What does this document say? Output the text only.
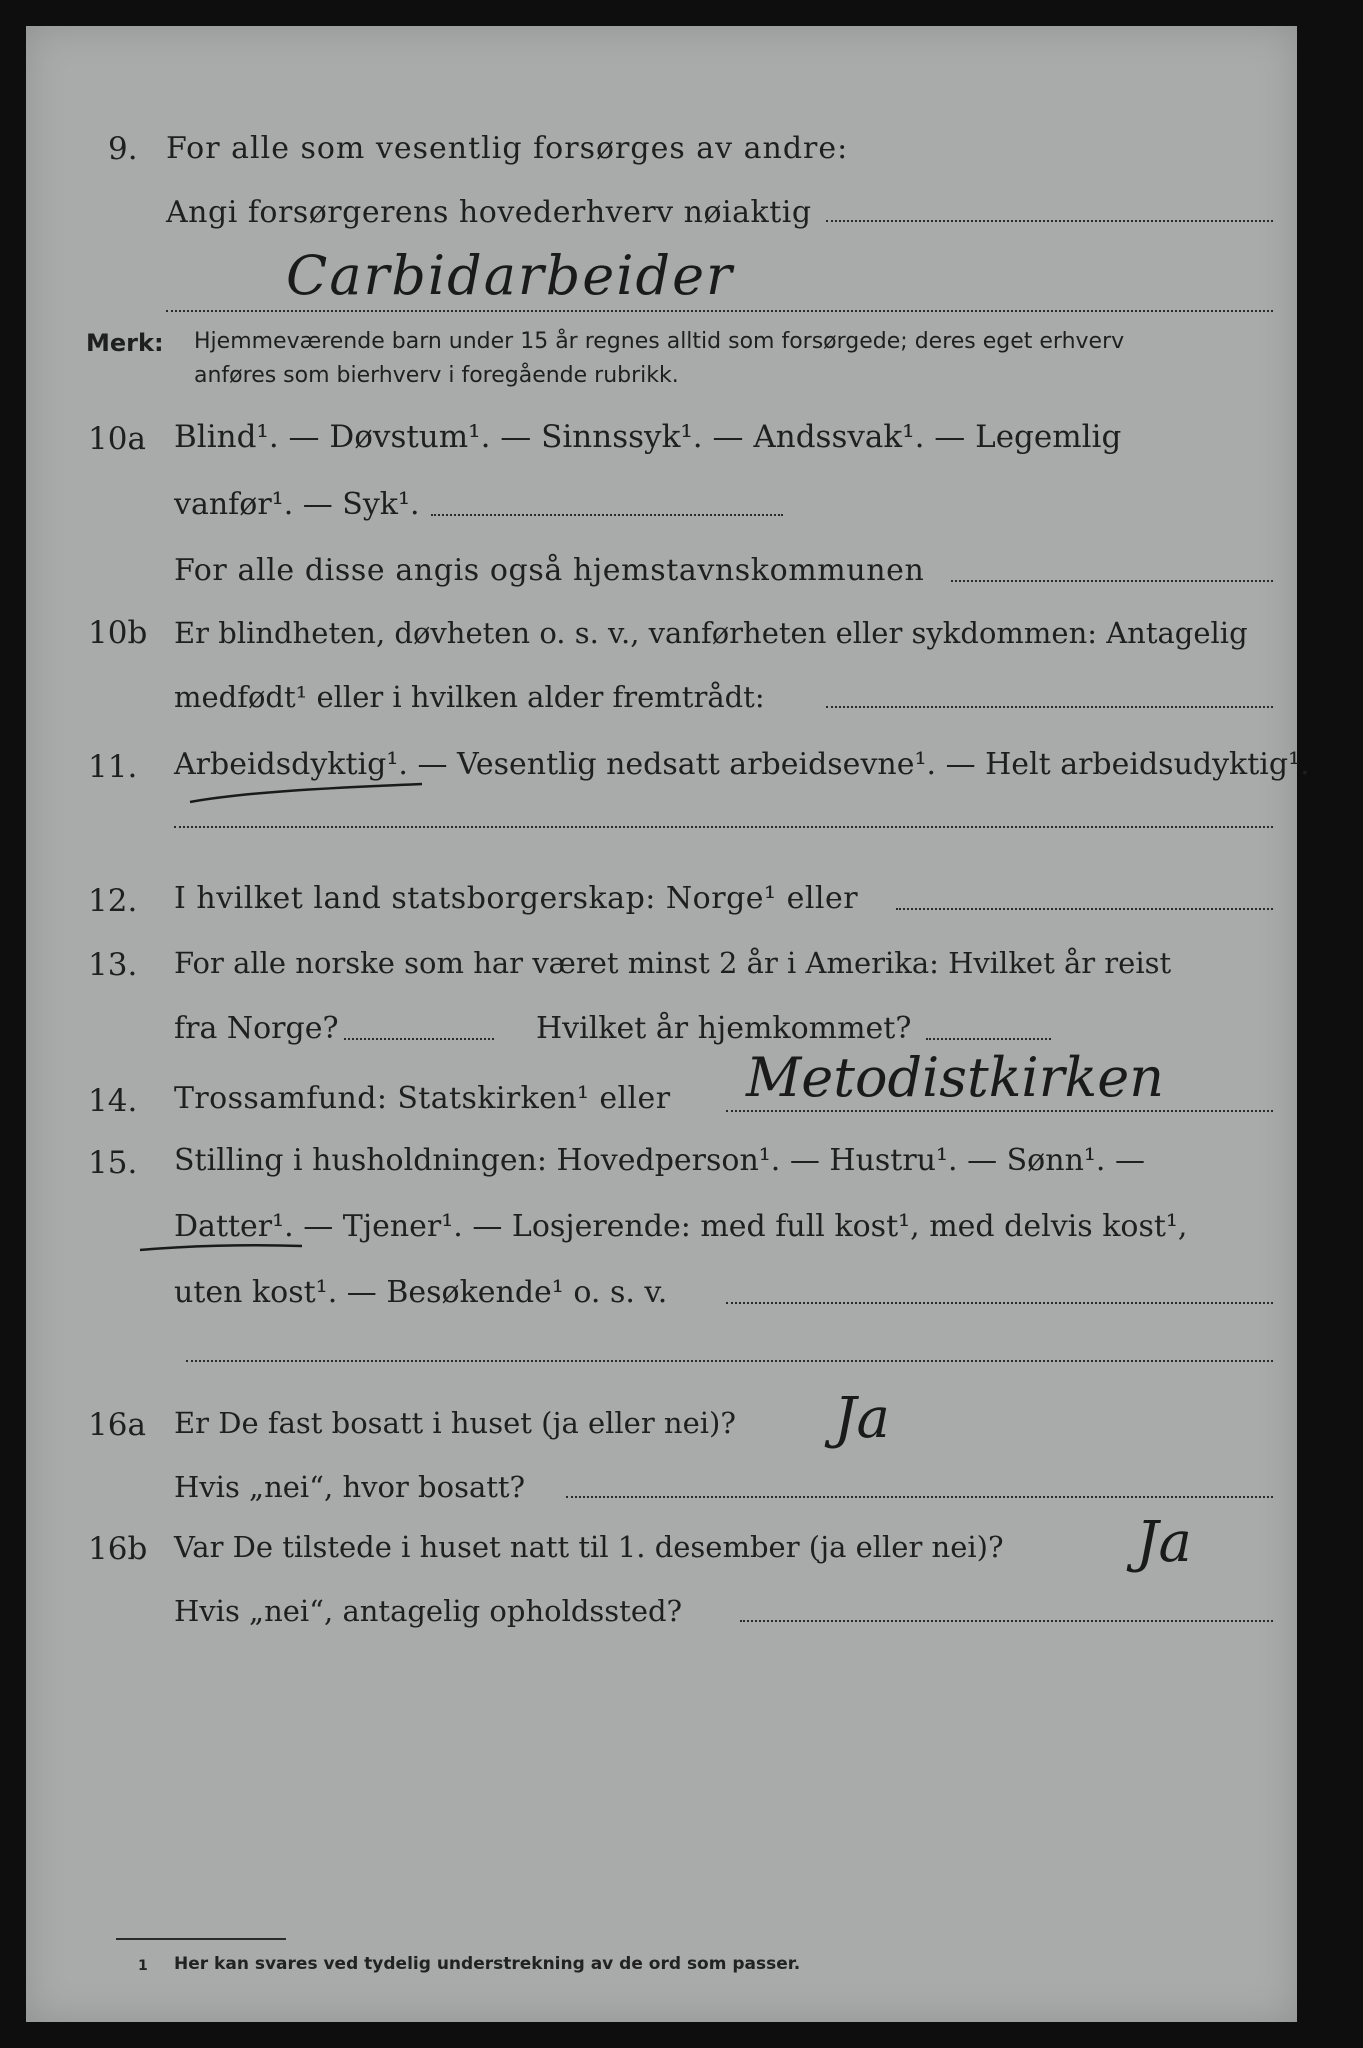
9. For alle som vesentlig forsørges av andre:
Angi forsørgerens hovederhverv nøiaktig
Carbidarbeider
Merk: Hjemmeværende barn under 15 år regnes alltid som forsørgede; deres eget erhverv
anføres som bierhverv i foregående rubrikk.
10a Blind¹. — Døvstum¹. — Sinnssyk¹. — Andssvak¹. — Legemlig
vanfør¹. — Syk¹.
For alle disse angis også hjemstavnskommunen
10b Er blindheten, døvheten o. s. v., vanførheten eller sykdommen: Antagelig
medfødt¹ eller i hvilken alder fremtrådt:
11. Arbeidsdyktig¹. — Vesentlig nedsatt arbeidsevne¹. — Helt arbeidsudyktig¹.
12. I hvilket land statsborgerskap: Norge¹ eller
13. For alle norske som har været minst 2 år i Amerika: Hvilket år reist
fra Norge?	Hvilket år hjemkommet?
14. Trossamfund: Statskirken¹ eller Metodistkirken
15. Stilling i husholdningen: Hovedperson¹. — Hustru¹. — Sønn¹. —
Datter¹. — Tjener¹. — Losjerende: med full kost¹, med delvis kost¹,
uten kost¹. — Besøkende¹ o. s. v.
16a Er De fast bosatt i huset (ja eller nei)? Ja
Hvis „nei“, hvor bosatt?
16b Var De tilstede i huset natt til 1. desember (ja eller nei)? Ja
Hvis „nei“, antagelig opholdssted?
1 Her kan svares ved tydelig understrekning av de ord som passer.
